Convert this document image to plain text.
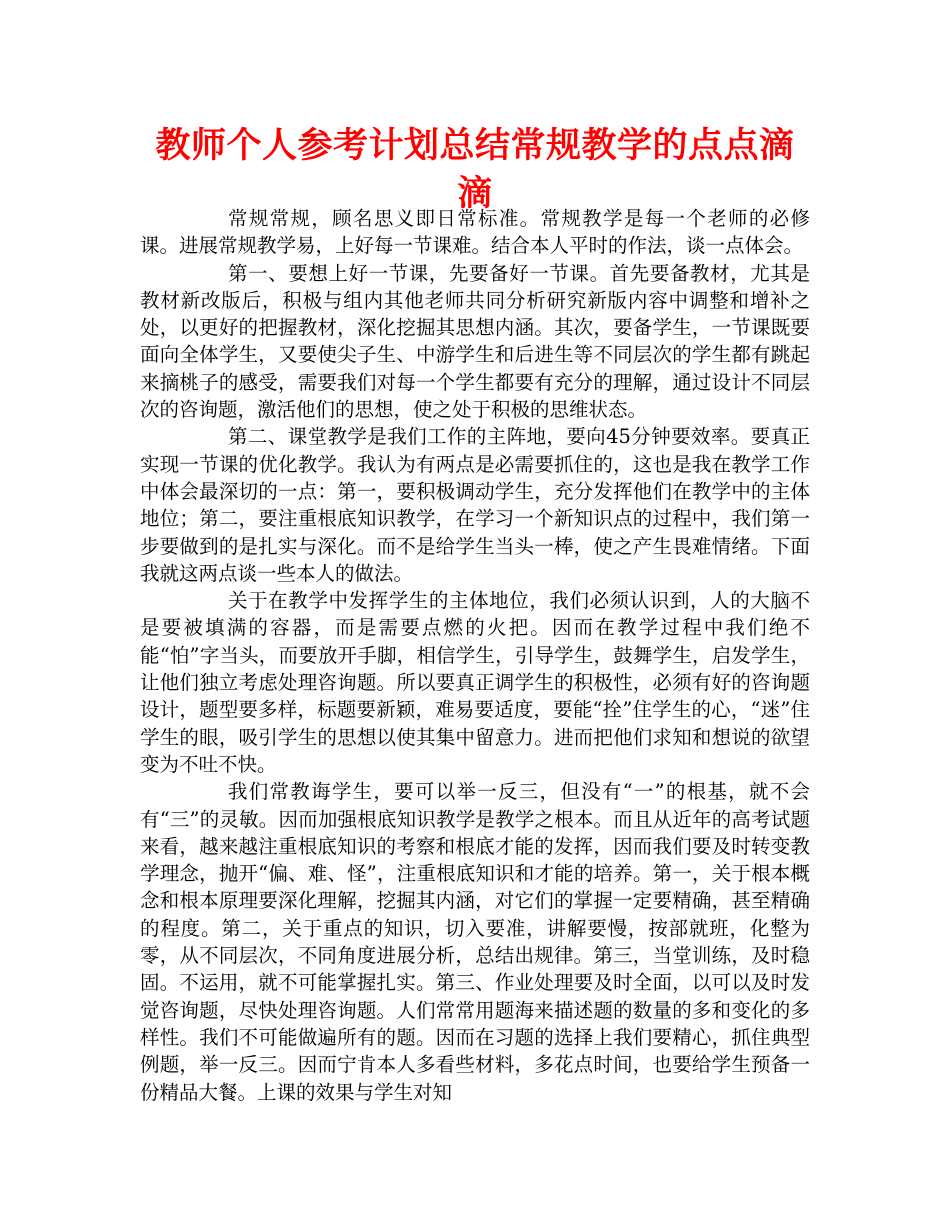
教师个人参考计划总结常规教学的点点滴滴

常规常规，顾名思义即日常标准。常规教学是每一个老师的必修课。进展常规教学易，上好每一节课难。结合本人平时的作法，谈一点体会。

第一、要想上好一节课，先要备好一节课。首先要备教材，尤其是教材新改版后，积极与组内其他老师共同分析研究新版内容中调整和增补之处，以更好的把握教材，深化挖掘其思想内涵。其次，要备学生，一节课既要面向全体学生，又要使尖子生、中游学生和后进生等不同层次的学生都有跳起来摘桃子的感受，需要我们对每一个学生都要有充分的理解，通过设计不同层次的咨询题，激活他们的思想，使之处于积极的思维状态。

第二、课堂教学是我们工作的主阵地，要向45分钟要效率。要真正实现一节课的优化教学。我认为有两点是必需要抓住的，这也是我在教学工作中体会最深切的一点：第一，要积极调动学生，充分发挥他们在教学中的主体地位；第二，要注重根底知识教学，在学习一个新知识点的过程中，我们第一步要做到的是扎实与深化。而不是给学生当头一棒，使之产生畏难情绪。下面我就这两点谈一些本人的做法。

关于在教学中发挥学生的主体地位，我们必须认识到，人的大脑不是要被填满的容器，而是需要点燃的火把。因而在教学过程中我们绝不能“怕”字当头，而要放开手脚，相信学生，引导学生，鼓舞学生，启发学生，让他们独立考虑处理咨询题。所以要真正调学生的积极性，必须有好的咨询题设计，题型要多样，标题要新颖，难易要适度，要能“拴”住学生的心，“迷”住学生的眼，吸引学生的思想以使其集中留意力。进而把他们求知和想说的欲望变为不吐不快。

我们常教诲学生，要可以举一反三，但没有“一”的根基，就不会有“三”的灵敏。因而加强根底知识教学是教学之根本。而且从近年的高考试题来看，越来越注重根底知识的考察和根底才能的发挥，因而我们要及时转变教学理念，抛开“偏、难、怪”，注重根底知识和才能的培养。第一，关于根本概念和根本原理要深化理解，挖掘其内涵，对它们的掌握一定要精确，甚至精确的程度。第二，关于重点的知识，切入要准，讲解要慢，按部就班，化整为零，从不同层次，不同角度进展分析，总结出规律。第三，当堂训练，及时稳固。不运用，就不可能掌握扎实。第三、作业处理要及时全面，以可以及时发觉咨询题，尽快处理咨询题。人们常常用题海来描述题的数量的多和变化的多样性。我们不可能做遍所有的题。因而在习题的选择上我们要精心，抓住典型例题，举一反三。因而宁肯本人多看些材料，多花点时间，也要给学生预备一份精品大餐。上课的效果与学生对知
